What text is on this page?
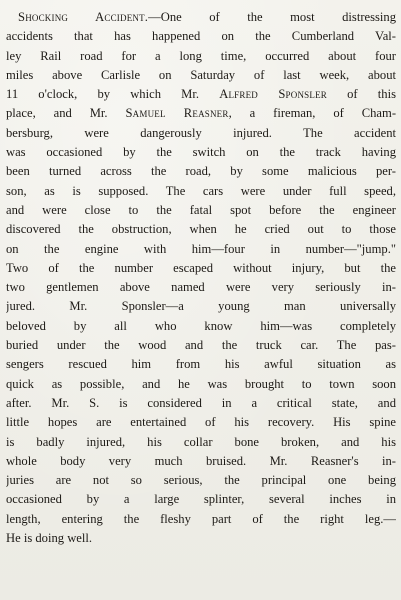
Shocking Accident.—One of the most distressing
accidents that has happened on the Cumberland Val-
ley Rail road for a long time, occurred about four
miles above Carlisle on Saturday of last week, about
11 o'clock, by which Mr. Alfred Sponsler of this
place, and Mr. Samuel Reasner, a fireman, of Cham-
bersburg, were dangerously injured. The accident
was occasioned by the switch on the track having
been turned across the road, by some malicious per-
son, as is supposed. The cars were under full speed,
and were close to the fatal spot before the engineer
discovered the obstruction, when he cried out to those
on the engine with him—four in number—"jump."
Two of the number escaped without injury, but the
two gentlemen above named were very seriously in-
jured. Mr. Sponsler—a young man universally
beloved by all who know him—was completely
buried under the wood and the truck car. The pas-
sengers rescued him from his awful situation as
quick as possible, and he was brought to town soon
after. Mr. S. is considered in a critical state, and
little hopes are entertained of his recovery. His spine
is badly injured, his collar bone broken, and his
whole body very much bruised. Mr. Reasner's in-
juries are not so serious, the principal one being
occasioned by a large splinter, several inches in
length, entering the fleshy part of the right leg.—
He is doing well.
